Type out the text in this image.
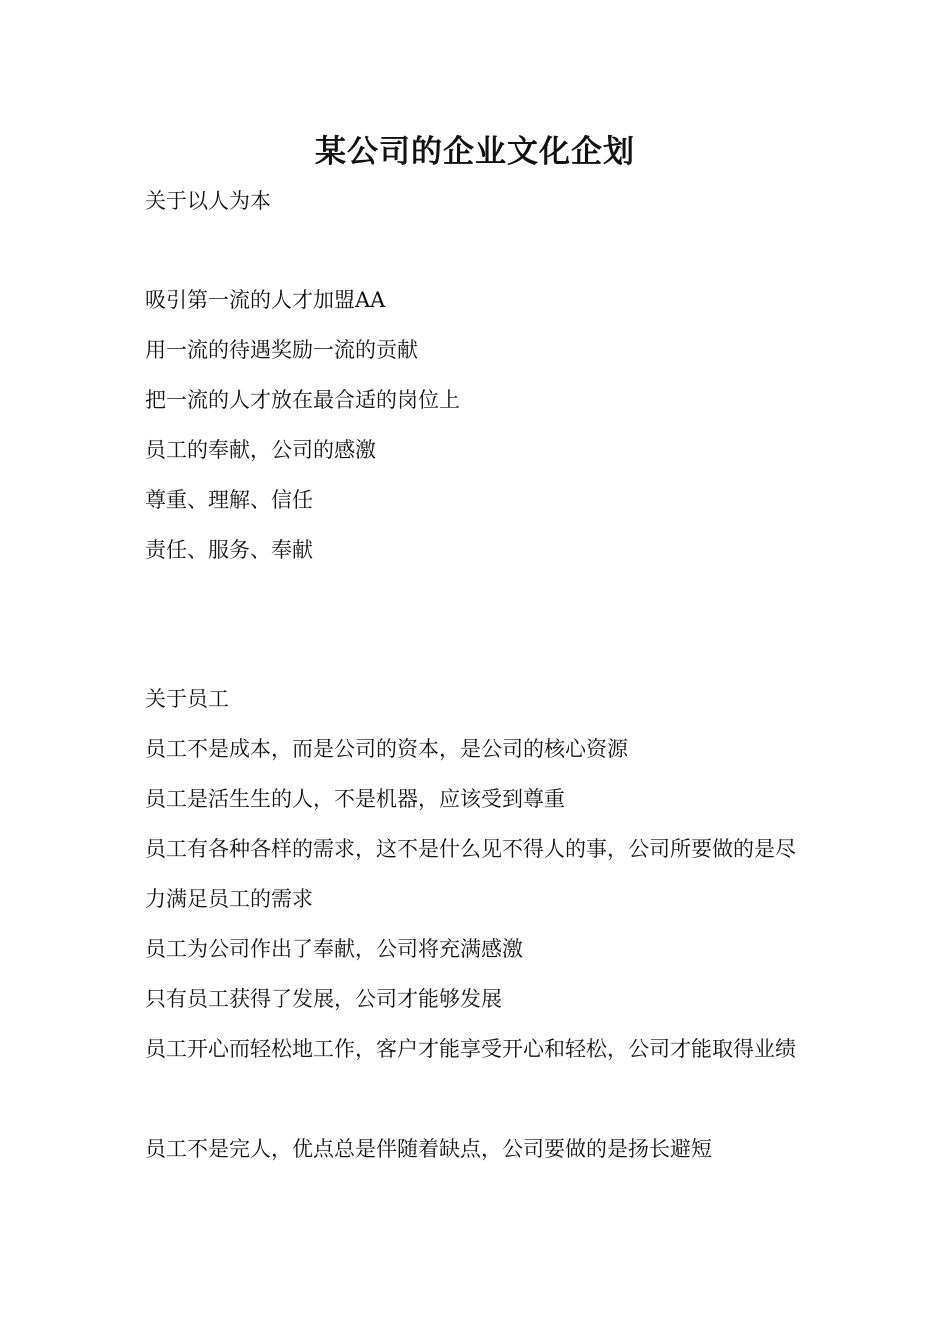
某公司的企业文化企划
关于以人为本
吸引第一流的人才加盟AA
用一流的待遇奖励一流的贡献
把一流的人才放在最合适的岗位上
员工的奉献，公司的感激
尊重、理解、信任
责任、服务、奉献
关于员工
员工不是成本，而是公司的资本，是公司的核心资源
员工是活生生的人，不是机器，应该受到尊重
员工有各种各样的需求，这不是什么见不得人的事，公司所要做的是尽力满足员工的需求
员工为公司作出了奉献，公司将充满感激
只有员工获得了发展，公司才能够发展
员工开心而轻松地工作，客户才能享受开心和轻松，公司才能取得业绩
员工不是完人，优点总是伴随着缺点，公司要做的是扬长避短
